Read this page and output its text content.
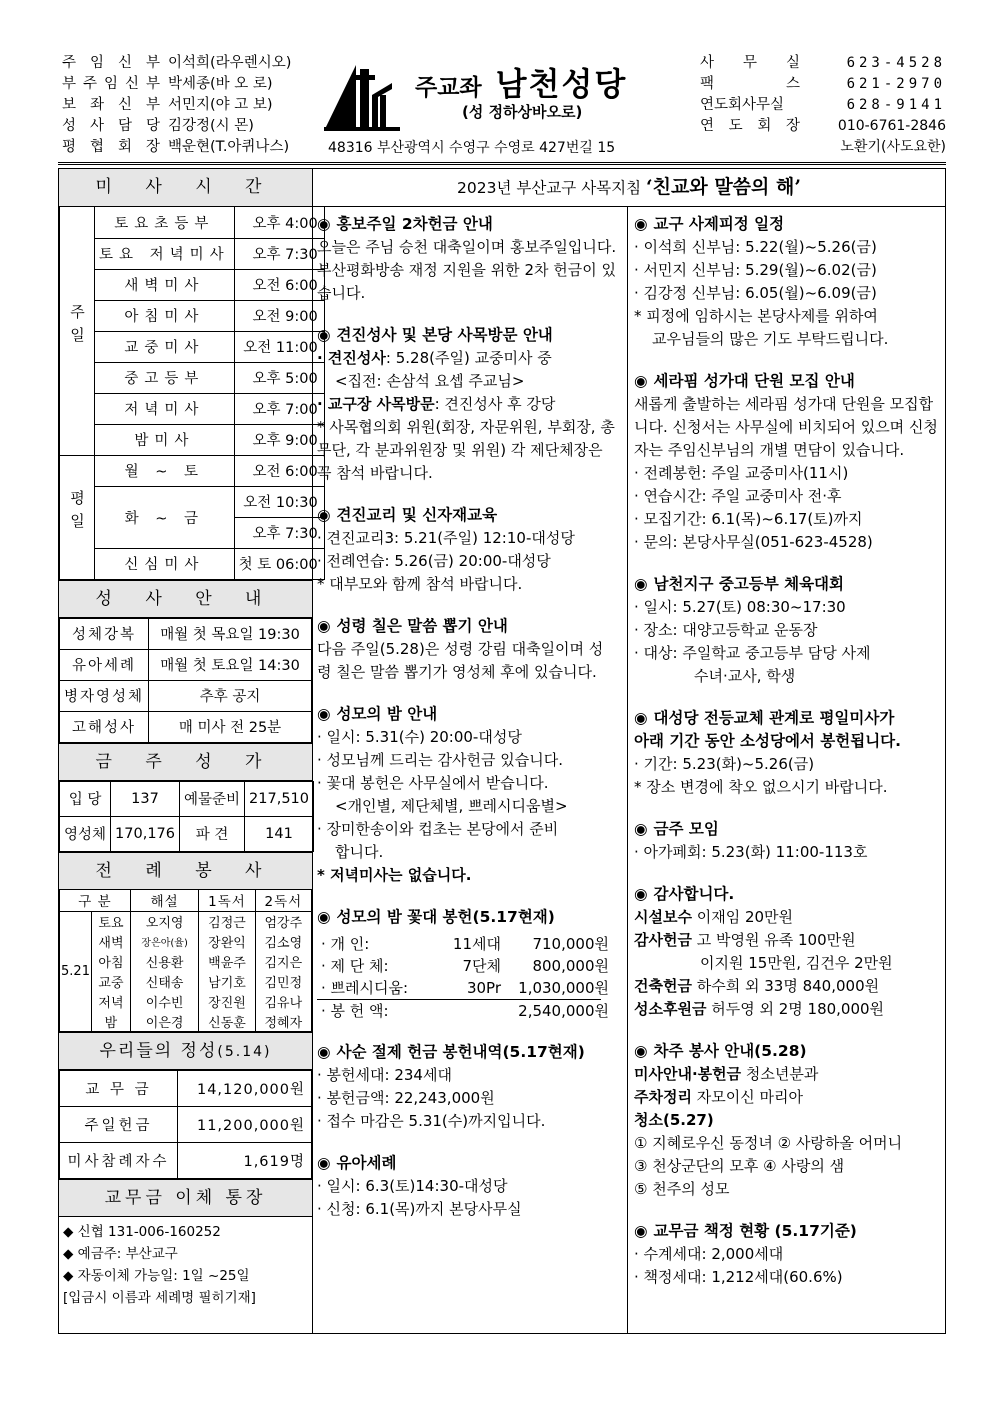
주 임 신 부 이석희(라우렌시오)
부 주 임 신 부 박세종(바 오 로)
보 좌 신 부 서민지(야 고 보)
성 사 담 당 김강정(시 몬)
평 협 회 장 백운현(T.아퀴나스)
주교좌 남천성당
(성 정하상바오로)
48316 부산광역시 수영구 수영로 427번길 15
사 무 실	623-4528
팩	스	621-2970
연도회사무실	628-9141
연 도 회 장	010-6761-2846
노환기(사도요한)
미 사 시 간
주일	토요초등부	오후 4:00
	토요 저녁미사	오후 7:30
	새벽미사	오전 6:00
	아침미사	오전 9:00
	교중미사	오전 11:00
	중고등부	오후 5:00
	저녁미사	오후 7:00
	밤미사	오후 9:00
평일	월 ~ 토	오전 6:00
	화 ~ 금	오전 10:30
		오후 7:30
	신심미사	첫 토 06:00
성 사 안 내
성체강복	매월 첫 목요일 19:30
유아세례	매월 첫 토요일 14:30
병자영성체	추후 공지
고해성사	매 미사 전 25분
금 주 성 가
입 당	137	예물준비	217,510
영성체	170,176	파 견	141
전 례 봉 사
구 분		해설	1독서	2독서
5.21	토요	오지영	김정근	엄강주
	새벽	장은아(율)	장완익	김소영
	아침	신용환	백윤주	김지은
	교중	신태송	남기호	김민정
	저녁	이수빈	장진원	김유나
	밤	이은경	신동훈	정혜자
우리들의 정성(5.14)
교 무 금	14,120,000원
주일헌금	11,200,000원
미사참례자수	1,619명
교무금 이체 통장
◆ 신협 131-006-160252
◆ 예금주: 부산교구
◆ 자동이체 가능일: 1일 ~25일
[입금시 이름과 세례명 필히기재]
2023년 부산교구 사목지침 ‘친교와 말씀의 해’
◉ 홍보주일 2차헌금 안내
오늘은 주님 승천 대축일이며 홍보주일입니다. 부산평화방송 재정 지원을 위한 2차 헌금이 있습니다.
◉ 견진성사 및 본당 사목방문 안내
· 견진성사: 5.28(주일) 교중미사 중
<집전: 손삼석 요셉 주교님>
· 교구장 사목방문: 견진성사 후 강당
* 사목협의회 위원(회장, 자문위원, 부회장, 총무단, 각 분과위원장 및 위원) 각 제단체장은 꼭 참석 바랍니다.
◉ 견진교리 및 신자재교육
· 견진교리3: 5.21(주일) 12:10-대성당
· 전례연습: 5.26(금) 20:00-대성당
* 대부모와 함께 참석 바랍니다.
◉ 성령 칠은 말씀 뽑기 안내
다음 주일(5.28)은 성령 강림 대축일이며 성령 칠은 말씀 뽑기가 영성체 후에 있습니다.
◉ 성모의 밤 안내
· 일시: 5.31(수) 20:00-대성당
· 성모님께 드리는 감사헌금 있습니다.
· 꽃대 봉헌은 사무실에서 받습니다.
<개인별, 제단체별, 쁘레시디움별>
· 장미한송이와 컵초는 본당에서 준비
합니다.
* 저녁미사는 없습니다.
◉ 성모의 밤 꽃대 봉헌(5.17현재)
· 개 인:	11세대	710,000원
· 제 단 체:	7단체	800,000원
· 쁘레시디움:	30Pr	1,030,000원
· 봉 헌 액:	2,540,000원
◉ 사순 절제 헌금 봉헌내역(5.17현재)
· 봉헌세대: 234세대
· 봉헌금액: 22,243,000원
· 접수 마감은 5.31(수)까지입니다.
◉ 유아세례
· 일시: 6.3(토)14:30-대성당
· 신청: 6.1(목)까지 본당사무실
◉ 교구 사제피정 일정
· 이석희 신부님: 5.22(월)~5.26(금)
· 서민지 신부님: 5.29(월)~6.02(금)
· 김강정 신부님: 6.05(월)~6.09(금)
* 피정에 임하시는 본당사제를 위하여
교우님들의 많은 기도 부탁드립니다.
◉ 세라핌 성가대 단원 모집 안내
새롭게 출발하는 세라핌 성가대 단원을 모집합니다. 신청서는 사무실에 비치되어 있으며 신청자는 주임신부님의 개별 면담이 있습니다.
· 전례봉헌: 주일 교중미사(11시)
· 연습시간: 주일 교중미사 전·후
· 모집기간: 6.1(목)~6.17(토)까지
· 문의: 본당사무실(051-623-4528)
◉ 남천지구 중고등부 체육대회
· 일시: 5.27(토) 08:30~17:30
· 장소: 대양고등학교 운동장
· 대상: 주일학교 중고등부 담당 사제
수녀·교사, 학생
◉ 대성당 전등교체 관계로 평일미사가
아래 기간 동안 소성당에서 봉헌됩니다.
· 기간: 5.23(화)~5.26(금)
* 장소 변경에 착오 없으시기 바랍니다.
◉ 금주 모임
· 아가페회: 5.23(화) 11:00-113호
◉ 감사합니다.
시설보수 이재임 20만원
감사헌금 고 박영원 유족 100만원
이지원 15만원, 김건우 2만원
건축헌금 하수희 외 33명 840,000원
성소후원금 허두영 외 2명 180,000원
◉ 차주 봉사 안내(5.28)
미사안내·봉헌금 청소년분과
주차정리 자모이신 마리아
청소(5.27)
① 지혜로우신 동정녀 ② 사랑하올 어머니
③ 천상군단의 모후 ④ 사랑의 샘
⑤ 천주의 성모
◉ 교무금 책정 현황 (5.17기준)
· 수계세대: 2,000세대
· 책정세대: 1,212세대(60.6%)
